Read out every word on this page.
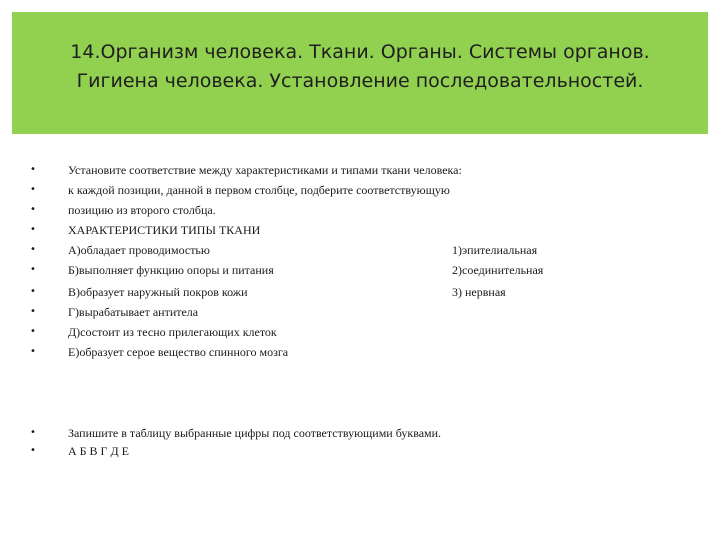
14.Организм человека. Ткани. Органы. Системы органов. Гигиена человека. Установление последовательностей.
•	Установите соответствие между характеристиками и типами ткани человека:
•	к каждой позиции, данной в первом столбце, подберите соответствующую
•	позицию из второго столбца.
•	ХАРАКТЕРИСТИКИ ТИПЫ ТКАНИ
•	А)обладает проводимостью	1)эпителиальная
•	Б)выполняет функцию опоры и питания	2)соединительная
•	В)образует наружный покров кожи	3) нервная
•	Г)вырабатывает антитела
•	Д)состоит из тесно прилегающих клеток
•	Е)образует серое вещество спинного мозга
•	Запишите в таблицу выбранные цифры под соответствующими буквами.
•	А Б В Г Д Е
